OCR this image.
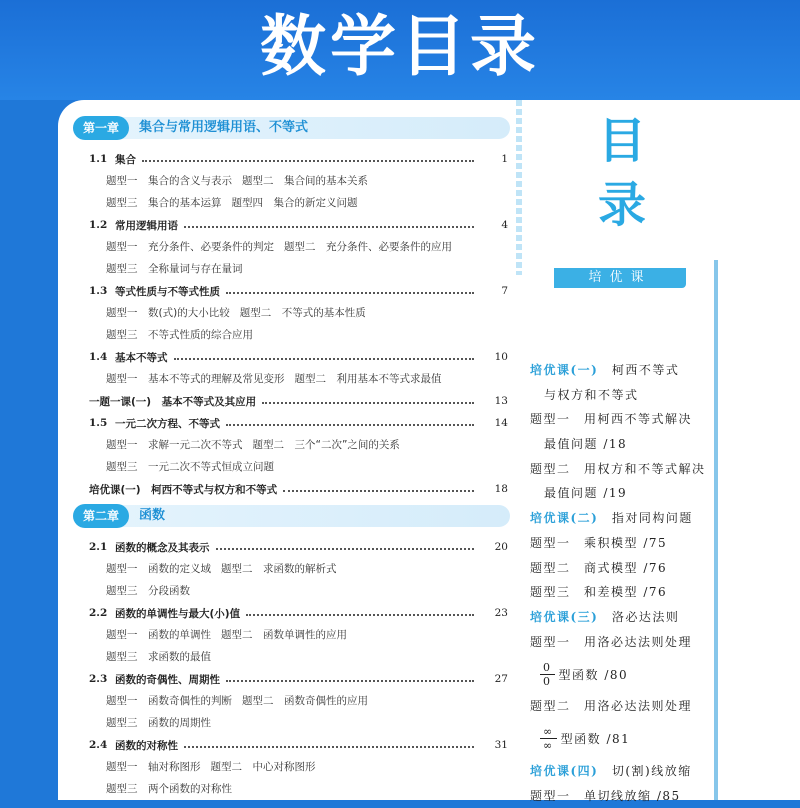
数学目录
第一章	集合与常用逻辑用语、不等式
1.1 集合	1
题型一　集合的含义与表示 题型二　集合间的基本关系
题型三　集合的基本运算 题型四　集合的新定义问题
1.2 常用逻辑用语	4
题型一　充分条件、必要条件的判定 题型二　充分条件、必要条件的应用
题型三　全称量词与存在量词
1.3 等式性质与不等式性质	7
题型一　数(式)的大小比较 题型二　不等式的基本性质
题型三　不等式性质的综合应用
1.4 基本不等式	10
题型一　基本不等式的理解及常见变形 题型二　利用基本不等式求最值
一题一课(一)　基本不等式及其应用	13
1.5 一元二次方程、不等式	14
题型一　求解一元二次不等式 题型二　三个“二次”之间的关系
题型三　一元二次不等式恒成立问题
培优课(一)　柯西不等式与权方和不等式	18
第二章	函数
2.1 函数的概念及其表示	20
题型一　函数的定义域 题型二　求函数的解析式
题型三　分段函数
2.2 函数的单调性与最大(小)值	23
题型一　函数的单调性 题型二　函数单调性的应用
题型三　求函数的最值
2.3 函数的奇偶性、周期性	27
题型一　函数奇偶性的判断 题型二　函数奇偶性的应用
题型三　函数的周期性
2.4 函数的对称性	31
题型一　轴对称图形 题型二　中心对称图形
题型三　两个函数的对称性
目
录
培优课
培优课(一)　柯西不等式
与权方和不等式
题型一　用柯西不等式解决
最值问题 /18
题型二　用权方和不等式解决
最值问题 /19
培优课(二)　指对同构问题
题型一　乘积模型 /75
题型二　商式模型 /76
题型三　和差模型 /76
培优课(三)　洛必达法则
题型一　用洛必达法则处理
$\frac{0}{0}$ 型函数 /80
题型二　用洛必达法则处理
$\frac{\infty}{\infty}$ 型函数 /81
培优课(四)　切(割)线放缩
题型一　单切线放缩 /85
